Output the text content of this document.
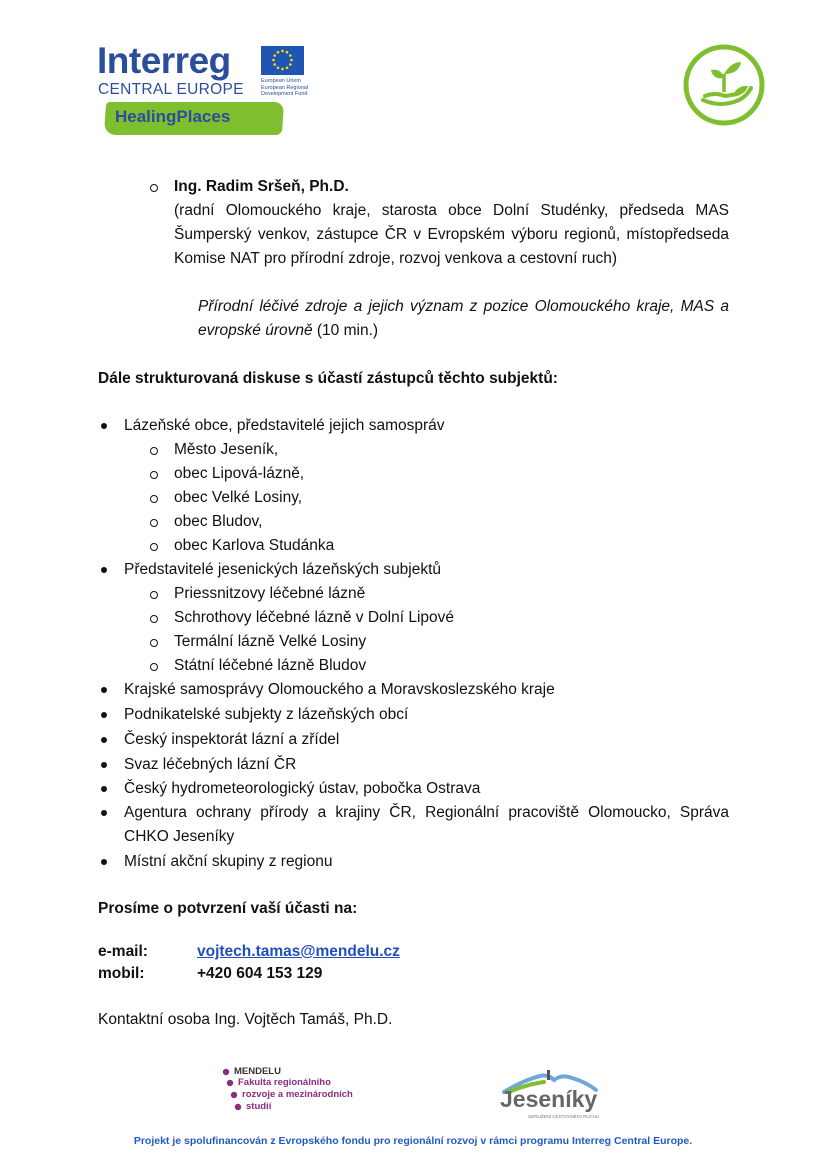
Interreg
CENTRAL EUROPE	European Union
European Regional
Development Fund
HealingPlaces
Ing. Radim Sršeň, Ph.D.
(radní Olomouckého kraje, starosta obce Dolní Studénky, předseda MAS Šumperský venkov, zástupce ČR v Evropském výboru regionů, místopředseda Komise NAT pro přírodní zdroje, rozvoj venkova a cestovní ruch)
Přírodní léčivé zdroje a jejich význam z pozice Olomouckého kraje, MAS a evropské úrovně (10 min.)
Dále strukturovaná diskuse s účastí zástupců těchto subjektů:
Lázeňské obce, představitelé jejich samospráv
Město Jeseník,
obec Lipová-lázně,
obec Velké Losiny,
obec Bludov,
obec Karlova Studánka
Představitelé jesenických lázeňských subjektů
Priessnitzovy léčebné lázně
Schrothovy léčebné lázně v Dolní Lipové
Termální lázně Velké Losiny
Státní léčebné lázně Bludov
Krajské samosprávy Olomouckého a Moravskoslezského kraje
Podnikatelské subjekty z lázeňských obcí
Český inspektorát lázní a zřídel
Svaz léčebných lázní ČR
Český hydrometeorologický ústav, pobočka Ostrava
Agentura ochrany přírody a krajiny ČR, Regionální pracoviště Olomoucko, Správa CHKO Jeseníky
Místní akční skupiny z regionu
Prosíme o potvrzení vaší účasti na:
e-mail:	vojtech.tamas@mendelu.cz
mobil:	+420 604 153 129
Kontaktní osoba Ing. Vojtěch Tamáš, Ph.D.
MENDELU
Fakulta regionálního
rozvoje a mezinárodních
studií	Jeseníky
SDRUŽENÍ CESTOVNÍHO RUCHU
Projekt je spolufinancován z Evropského fondu pro regionální rozvoj v rámci programu Interreg Central Europe.
